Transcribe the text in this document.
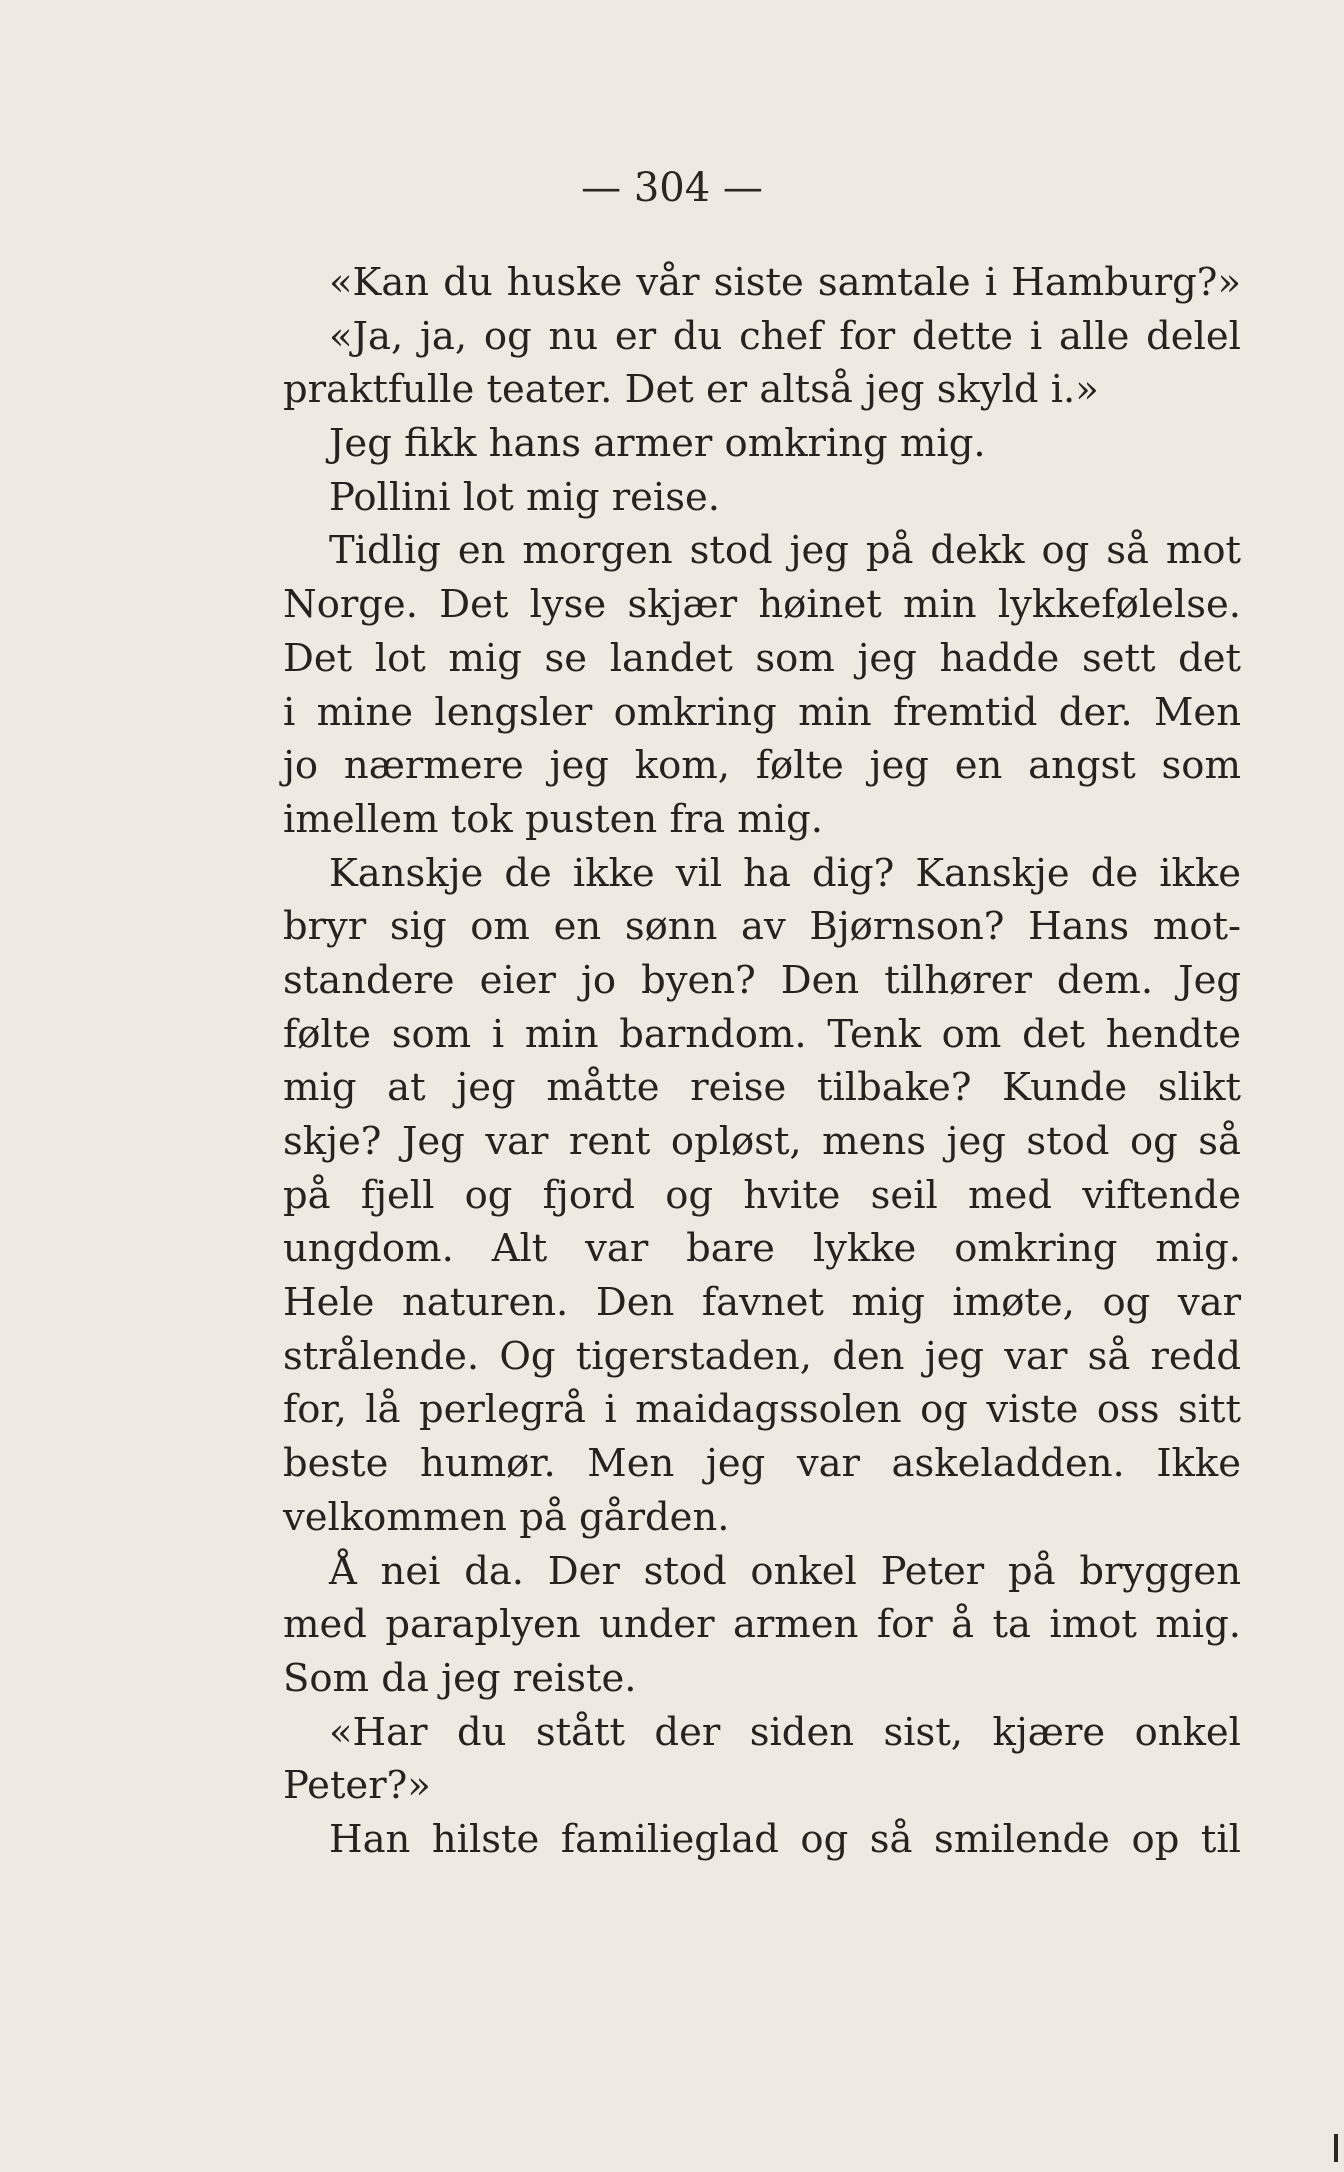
— 304 —
«Kan du huske vår siste samtale i Hamburg?»
«Ja, ja, og nu er du chef for dette i alle delel
praktfulle teater. Det er altså jeg skyld i.»
Jeg fikk hans armer omkring mig.
Pollini lot mig reise.
Tidlig en morgen stod jeg på dekk og så mot
Norge. Det lyse skjær høinet min lykkefølelse.
Det lot mig se landet som jeg hadde sett det
i mine lengsler omkring min fremtid der. Men
jo nærmere jeg kom, følte jeg en angst som
imellem tok pusten fra mig.
Kanskje de ikke vil ha dig? Kanskje de ikke
bryr sig om en sønn av Bjørnson? Hans mot-
standere eier jo byen? Den tilhører dem. Jeg
følte som i min barndom. Tenk om det hendte
mig at jeg måtte reise tilbake? Kunde slikt
skje? Jeg var rent opløst, mens jeg stod og så
på fjell og fjord og hvite seil med viftende
ungdom. Alt var bare lykke omkring mig.
Hele naturen. Den favnet mig imøte, og var
strålende. Og tigerstaden, den jeg var så redd
for, lå perlegrå i maidagssolen og viste oss sitt
beste humør. Men jeg var askeladden. Ikke
velkommen på gården.
Å nei da. Der stod onkel Peter på bryggen
med paraplyen under armen for å ta imot mig.
Som da jeg reiste.
«Har du stått der siden sist, kjære onkel
Peter?»
Han hilste familieglad og så smilende op til
